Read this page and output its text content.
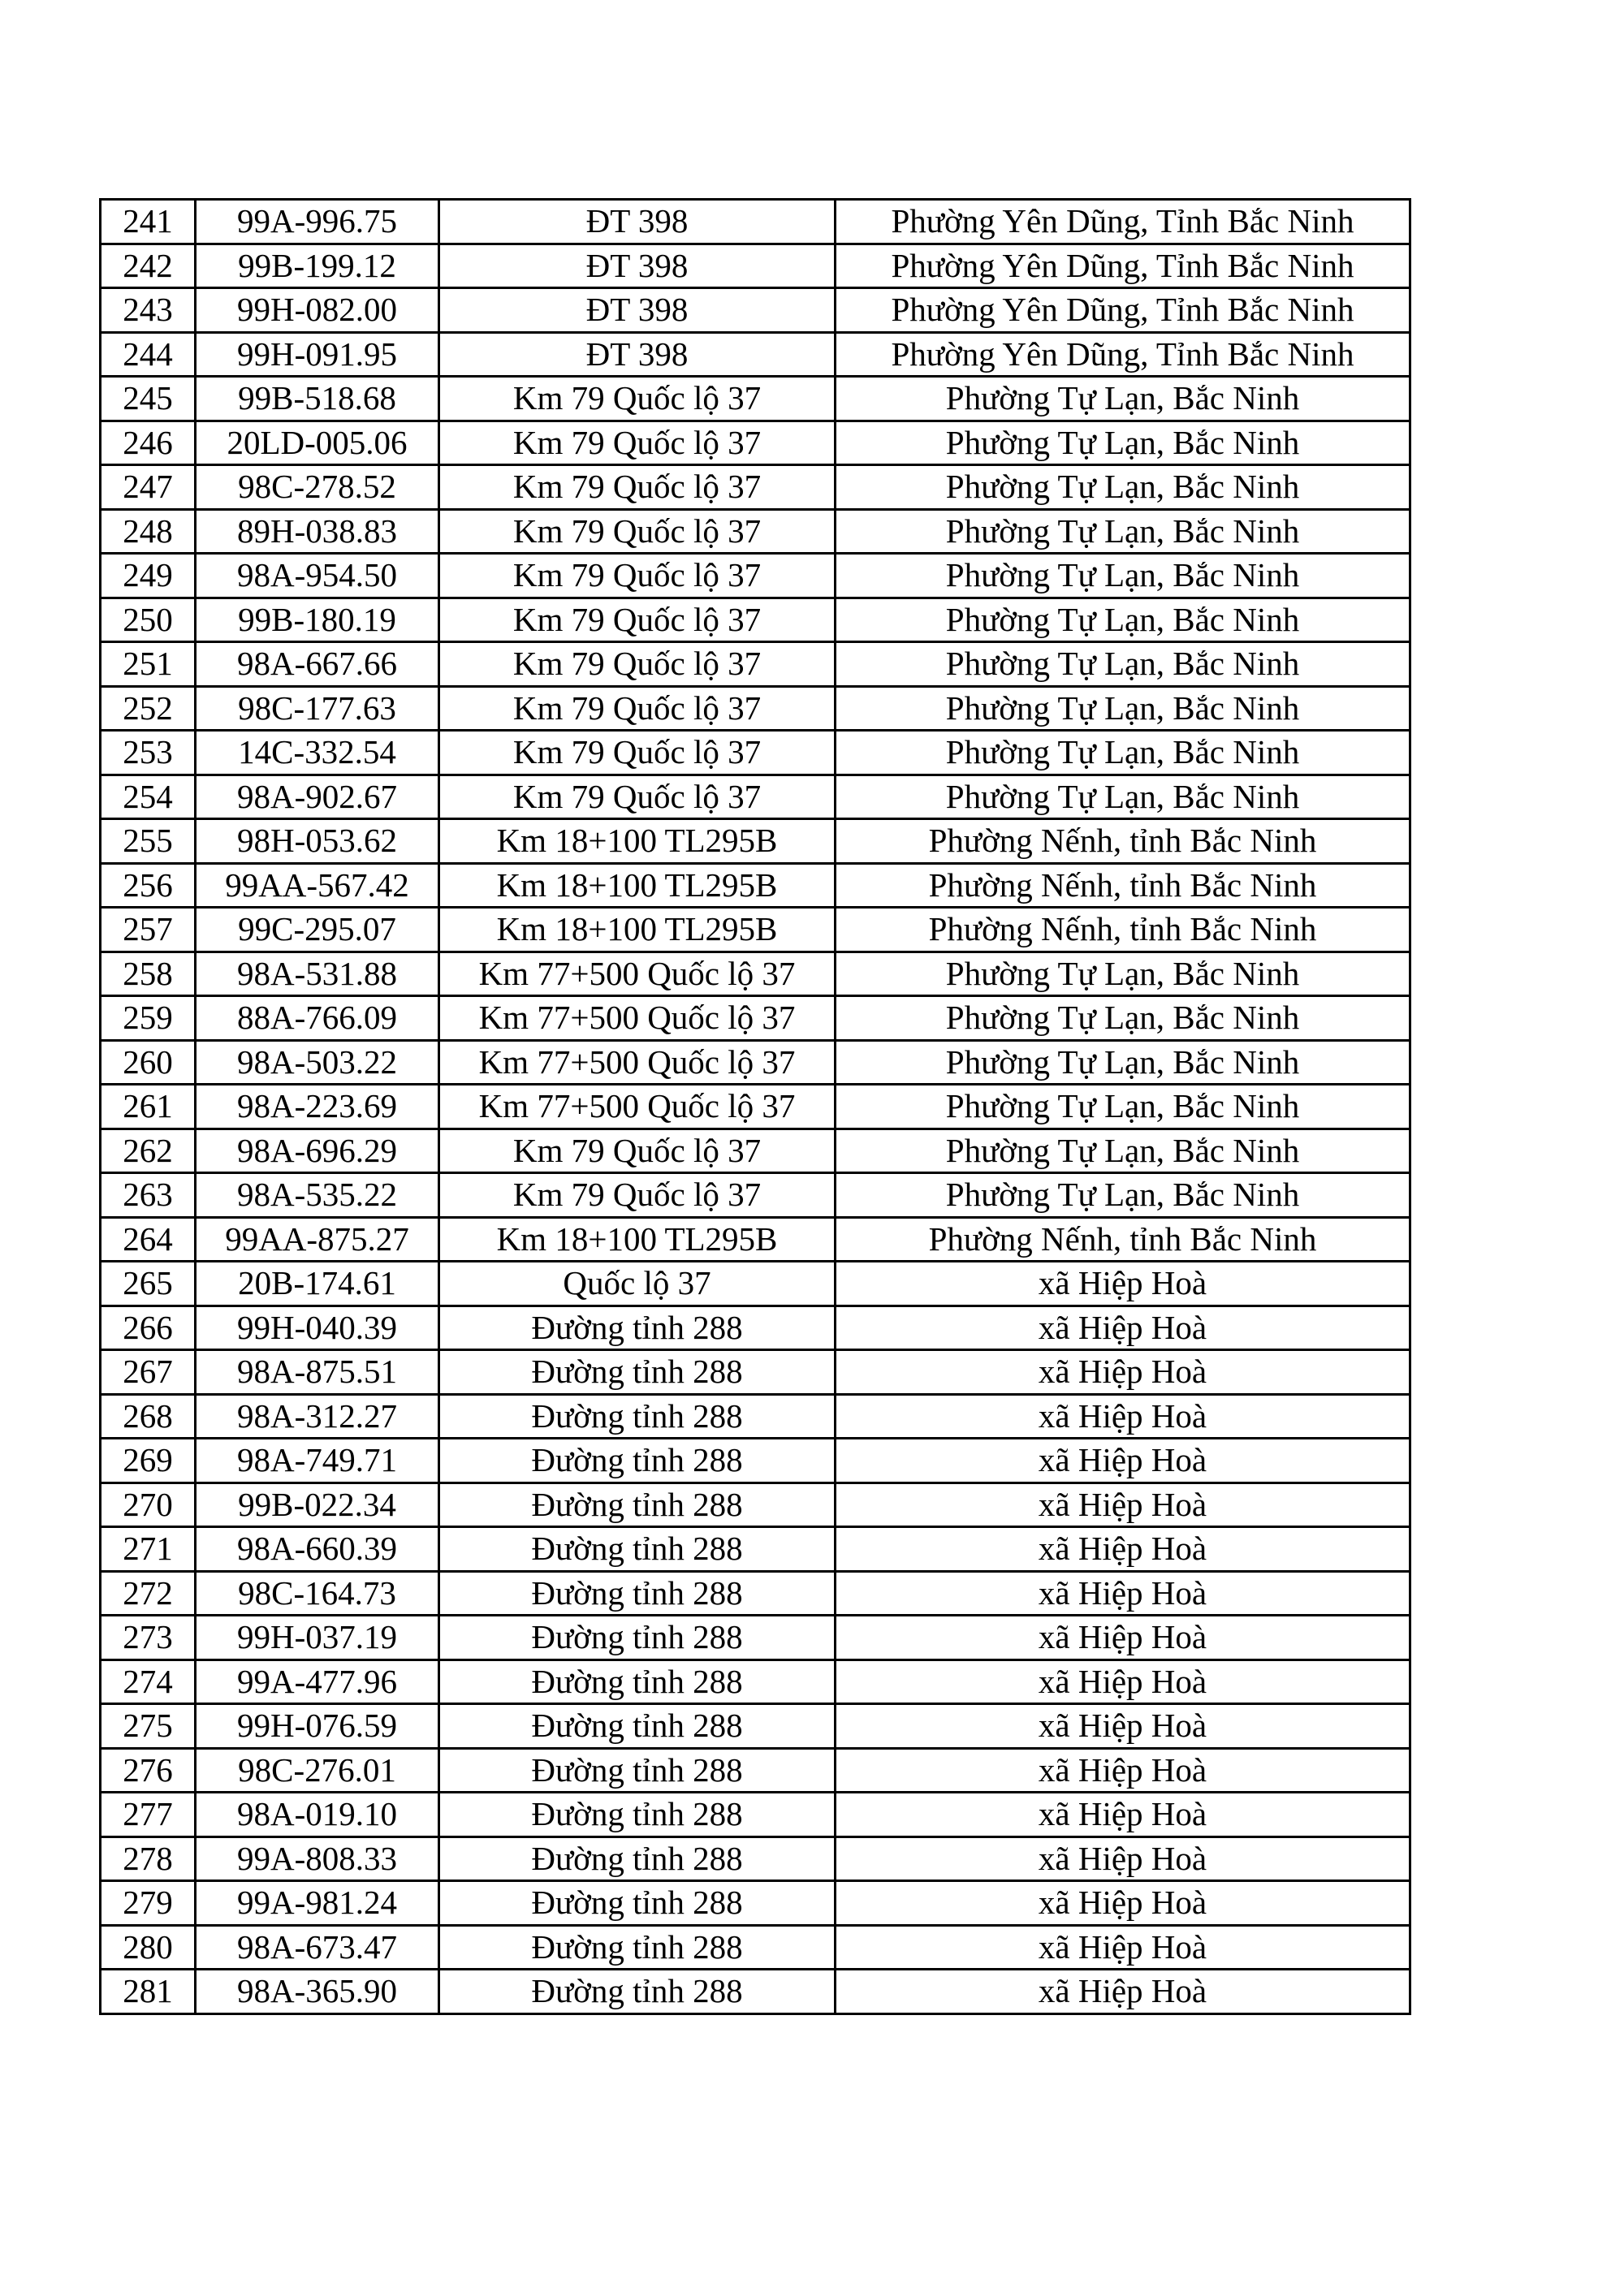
241	99A-996.75	ĐT 398	Phường Yên Dũng, Tỉnh Bắc Ninh
242	99B-199.12	ĐT 398	Phường Yên Dũng, Tỉnh Bắc Ninh
243	99H-082.00	ĐT 398	Phường Yên Dũng, Tỉnh Bắc Ninh
244	99H-091.95	ĐT 398	Phường Yên Dũng, Tỉnh Bắc Ninh
245	99B-518.68	Km 79 Quốc lộ 37	Phường Tự Lạn, Bắc Ninh
246	20LD-005.06	Km 79 Quốc lộ 37	Phường Tự Lạn, Bắc Ninh
247	98C-278.52	Km 79 Quốc lộ 37	Phường Tự Lạn, Bắc Ninh
248	89H-038.83	Km 79 Quốc lộ 37	Phường Tự Lạn, Bắc Ninh
249	98A-954.50	Km 79 Quốc lộ 37	Phường Tự Lạn, Bắc Ninh
250	99B-180.19	Km 79 Quốc lộ 37	Phường Tự Lạn, Bắc Ninh
251	98A-667.66	Km 79 Quốc lộ 37	Phường Tự Lạn, Bắc Ninh
252	98C-177.63	Km 79 Quốc lộ 37	Phường Tự Lạn, Bắc Ninh
253	14C-332.54	Km 79 Quốc lộ 37	Phường Tự Lạn, Bắc Ninh
254	98A-902.67	Km 79 Quốc lộ 37	Phường Tự Lạn, Bắc Ninh
255	98H-053.62	Km 18+100 TL295B	Phường Nếnh, tỉnh Bắc Ninh
256	99AA-567.42	Km 18+100 TL295B	Phường Nếnh, tỉnh Bắc Ninh
257	99C-295.07	Km 18+100 TL295B	Phường Nếnh, tỉnh Bắc Ninh
258	98A-531.88	Km 77+500 Quốc lộ 37	Phường Tự Lạn, Bắc Ninh
259	88A-766.09	Km 77+500 Quốc lộ 37	Phường Tự Lạn, Bắc Ninh
260	98A-503.22	Km 77+500 Quốc lộ 37	Phường Tự Lạn, Bắc Ninh
261	98A-223.69	Km 77+500 Quốc lộ 37	Phường Tự Lạn, Bắc Ninh
262	98A-696.29	Km 79 Quốc lộ 37	Phường Tự Lạn, Bắc Ninh
263	98A-535.22	Km 79 Quốc lộ 37	Phường Tự Lạn, Bắc Ninh
264	99AA-875.27	Km 18+100 TL295B	Phường Nếnh, tỉnh Bắc Ninh
265	20B-174.61	Quốc lộ 37	xã Hiệp Hoà
266	99H-040.39	Đường tỉnh 288	xã Hiệp Hoà
267	98A-875.51	Đường tỉnh 288	xã Hiệp Hoà
268	98A-312.27	Đường tỉnh 288	xã Hiệp Hoà
269	98A-749.71	Đường tỉnh 288	xã Hiệp Hoà
270	99B-022.34	Đường tỉnh 288	xã Hiệp Hoà
271	98A-660.39	Đường tỉnh 288	xã Hiệp Hoà
272	98C-164.73	Đường tỉnh 288	xã Hiệp Hoà
273	99H-037.19	Đường tỉnh 288	xã Hiệp Hoà
274	99A-477.96	Đường tỉnh 288	xã Hiệp Hoà
275	99H-076.59	Đường tỉnh 288	xã Hiệp Hoà
276	98C-276.01	Đường tỉnh 288	xã Hiệp Hoà
277	98A-019.10	Đường tỉnh 288	xã Hiệp Hoà
278	99A-808.33	Đường tỉnh 288	xã Hiệp Hoà
279	99A-981.24	Đường tỉnh 288	xã Hiệp Hoà
280	98A-673.47	Đường tỉnh 288	xã Hiệp Hoà
281	98A-365.90	Đường tỉnh 288	xã Hiệp Hoà
